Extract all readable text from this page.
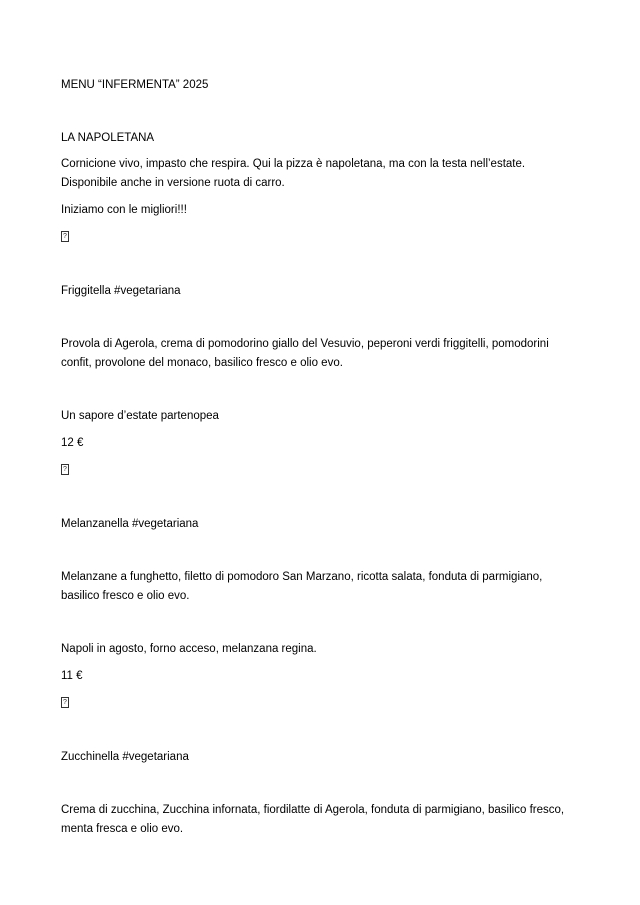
MENU “INFERMENTA” 2025
LA NAPOLETANA
Cornicione vivo, impasto che respira. Qui la pizza è napoletana, ma con la testa nell’estate.
Disponibile anche in versione ruota di carro.
Iniziamo con le migliori!!!
?
Friggitella #vegetariana
Provola di Agerola, crema di pomodorino giallo del Vesuvio, peperoni verdi friggitelli, pomodorini
confit, provolone del monaco, basilico fresco e olio evo.
Un sapore d’estate partenopea
12 €
?
Melanzanella #vegetariana
Melanzane a funghetto, filetto di pomodoro San Marzano, ricotta salata, fonduta di parmigiano,
basilico fresco e olio evo.
Napoli in agosto, forno acceso, melanzana regina.
11 €
?
Zucchinella #vegetariana
Crema di zucchina, Zucchina infornata, fiordilatte di Agerola, fonduta di parmigiano, basilico fresco,
menta fresca e olio evo.
